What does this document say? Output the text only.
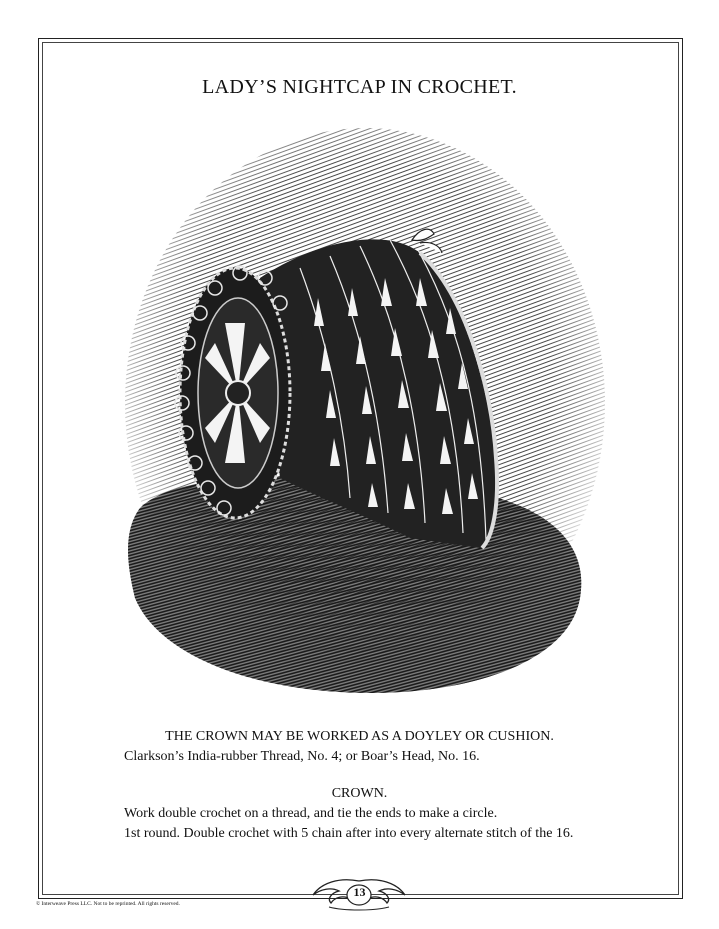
LADY’S NIGHTCAP IN CROCHET.
THE CROWN MAY BE WORKED AS A DOYLEY OR CUSHION.
Clarkson’s India-rubber Thread, No. 4; or Boar’s Head, No. 16.
CROWN.
Work double crochet on a thread, and tie the ends to make a circle.
1st round. Double crochet with 5 chain after into every alternate stitch of the 16.
13
© Interweave Press LLC. Not to be reprinted. All rights reserved.
